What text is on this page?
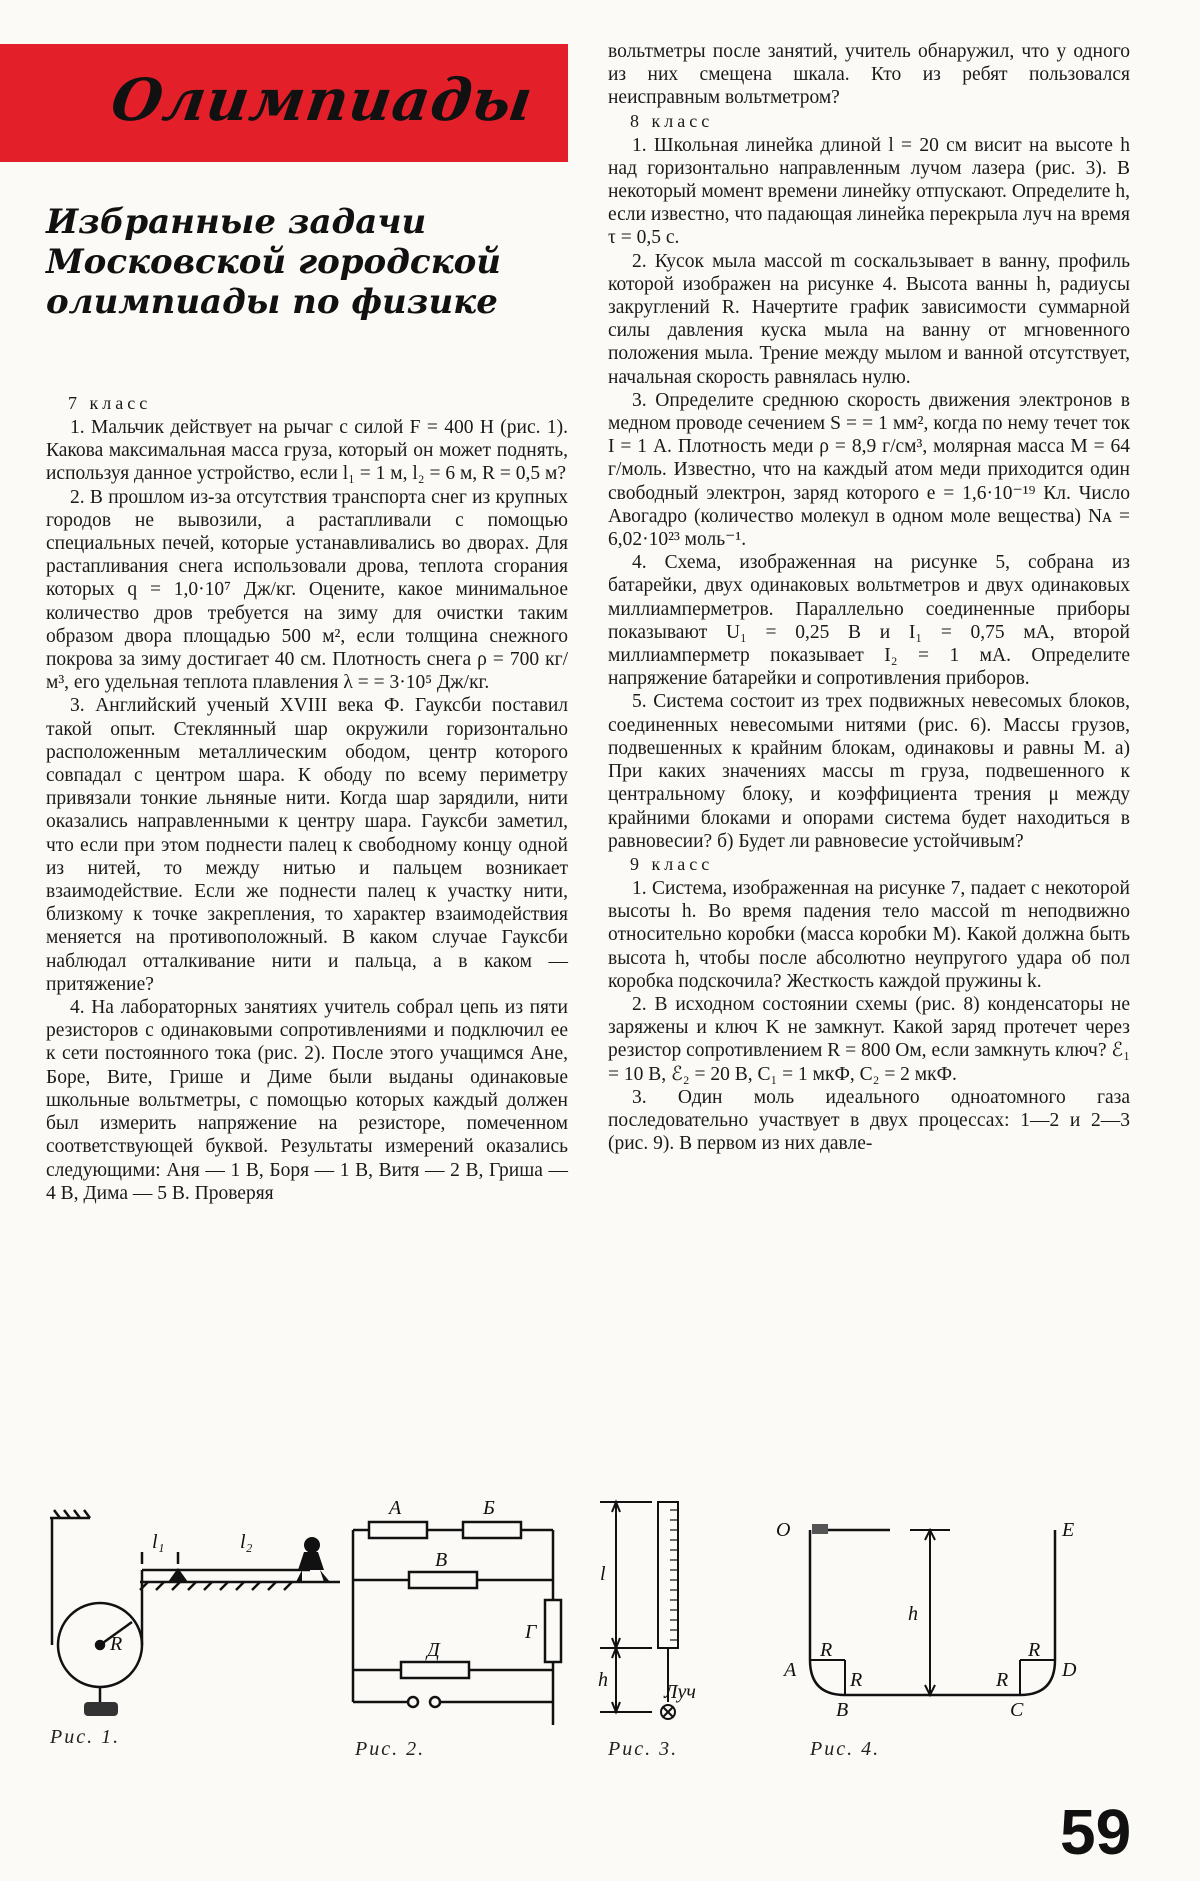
Олимпиады
Избранные задачи Московской городской олимпиады по физике
7 класс

1. Мальчик действует на рычаг с силой F = 400 Н (рис. 1). Какова максимальная масса груза, который он может поднять, используя данное устройство, если l₁ = 1 м, l₂ = 6 м, R = 0,5 м?

2. В прошлом из-за отсутствия транспорта снег из крупных городов не вывозили, а растапливали с помощью специальных печей, которые устанавливались во дворах. Для растапливания снега использовали дрова, теплота сгорания которых q = 1,0·10⁷ Дж/кг. Оцените, какое минимальное количество дров требуется на зиму для очистки таким образом двора площадью 500 м², если толщина снежного покрова за зиму достигает 40 см. Плотность снега ρ = 700 кг/м³, его удельная теплота плавления λ = = 3·10⁵ Дж/кг.

3. Английский ученый XVIII века Ф. Гауксби поставил такой опыт. Стеклянный шар окружили горизонтально расположенным металлическим ободом, центр которого совпадал с центром шара. К ободу по всему периметру привязали тонкие льняные нити. Когда шар зарядили, нити оказались направленными к центру шара. Гауксби заметил, что если при этом поднести палец к свободному концу одной из нитей, то между нитью и пальцем возникает взаимодействие. Если же поднести палец к участку нити, близкому к точке закрепления, то характер взаимодействия меняется на противоположный. В каком случае Гауксби наблюдал отталкивание нити и пальца, а в каком — притяжение?

4. На лабораторных занятиях учитель собрал цепь из пяти резисторов с одинаковыми сопротивлениями и подключил ее к сети постоянного тока (рис. 2). После этого учащимся Ане, Боре, Вите, Грише и Диме были выданы одинаковые школьные вольтметры, с помощью которых каждый должен был измерить напряжение на резисторе, помеченном соответствующей буквой. Результаты измерений оказались следующими: Аня — 1 В, Боря — 1 В, Витя — 2 В, Гриша — 4 В, Дима — 5 В. Проверяя

вольтметры после занятий, учитель обнаружил, что у одного из них смещена шкала. Кто из ребят пользовался неисправным вольтметром?

8 класс

1. Школьная линейка длиной l = 20 см висит на высоте h над горизонтально направленным лучом лазера (рис. 3). В некоторый момент времени линейку отпускают. Определите h, если известно, что падающая линейка перекрыла луч на время τ = 0,5 с.

2. Кусок мыла массой m соскальзывает в ванну, профиль которой изображен на рисунке 4. Высота ванны h, радиусы закруглений R. Начертите график зависимости суммарной силы давления куска мыла на ванну от мгновенного положения мыла. Трение между мылом и ванной отсутствует, начальная скорость равнялась нулю.

3. Определите среднюю скорость движения электронов в медном проводе сечением S = = 1 мм², когда по нему течет ток I = 1 А. Плотность меди ρ = 8,9 г/см³, молярная масса M = 64 г/моль. Известно, что на каждый атом меди приходится один свободный электрон, заряд которого e = 1,6·10⁻¹⁹ Кл. Число Авогадро (количество молекул в одном моле вещества) Nᴀ = 6,02·10²³ моль⁻¹.

4. Схема, изображенная на рисунке 5, собрана из батарейки, двух одинаковых вольтметров и двух одинаковых миллиамперметров. Параллельно соединенные приборы показывают U₁ = 0,25 В и I₁ = 0,75 мА, второй миллиамперметр показывает I₂ = 1 мА. Определите напряжение батарейки и сопротивления приборов.

5. Система состоит из трех подвижных невесомых блоков, соединенных невесомыми нитями (рис. 6). Массы грузов, подвешенных к крайним блокам, одинаковы и равны M. а) При каких значениях массы m груза, подвешенного к центральному блоку, и коэффициента трения μ между крайними блоками и опорами система будет находиться в равновесии? б) Будет ли равновесие устойчивым?

9 класс

1. Система, изображенная на рисунке 7, падает с некоторой высоты h. Во время падения тело массой m неподвижно относительно коробки (масса коробки M). Какой должна быть высота h, чтобы после абсолютно неупругого удара об пол коробка подскочила? Жесткость каждой пружины k.

2. В исходном состоянии схемы (рис. 8) конденсаторы не заряжены и ключ K не замкнут. Какой заряд протечет через резистор сопротивлением R = 800 Ом, если замкнуть ключ? ℰ₁ = 10 В, ℰ₂ = 20 В, C₁ = 1 мкФ, C₂ = 2 мкФ.

3. Один моль идеального одноатомного газа последовательно участвует в двух процессах: 1—2 и 2—3 (рис. 9). В первом из них давле-

l₁	l₂
R
Рис. 1.
А	Б
В
Г
Д
Рис. 2.
l
h
Луч
Рис. 3.
O	E
h
A
B	C
D
R
R	R
R
Рис. 4.
59
